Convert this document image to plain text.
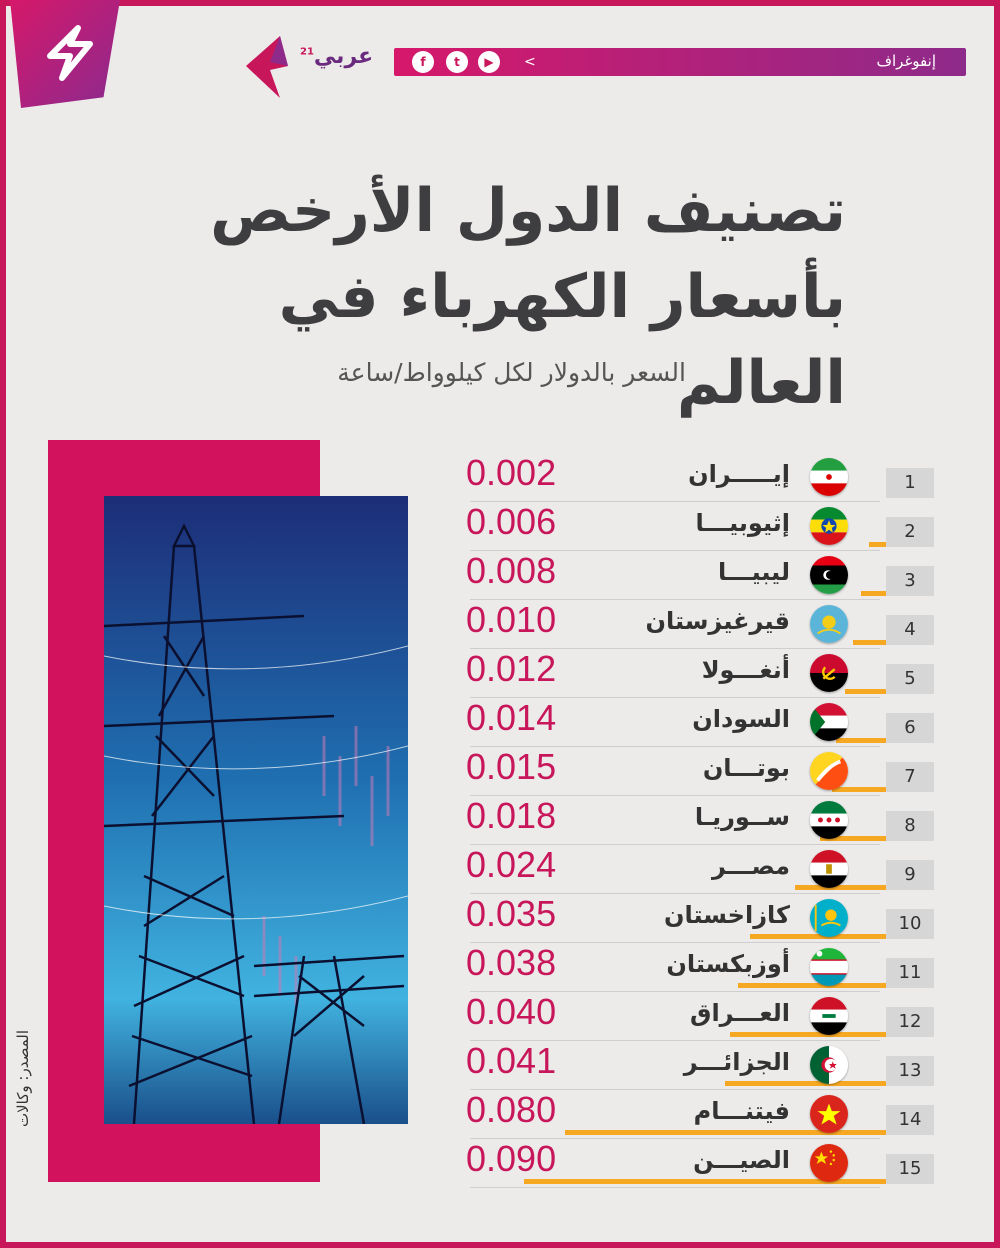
عربي$^{21}$	إنفوغراف
<
▶
t
f
تصنيف الدول الأرخص
بأسعار الكهرباء في العالم
السعر بالدولار لكل كيلوواط/ساعة
المصدر: وكالات
1
إيـــــران
0.002
2
إثيوبيـــا
0.006
3
ليبيـــا
0.008
4
قيرغيزستان
0.010
5
أنغـــولا
0.012
6
السودان
0.014
7
بوتـــان
0.015
8
ســوريـا
0.018
9
مصـــر
0.024
10
كازاخستان
0.035
11
أوزبكستان
0.038
12
العـــراق
0.040
13
الجزائـــر
0.041
14
فيتنـــام
0.080
15
الصيـــن
0.090
